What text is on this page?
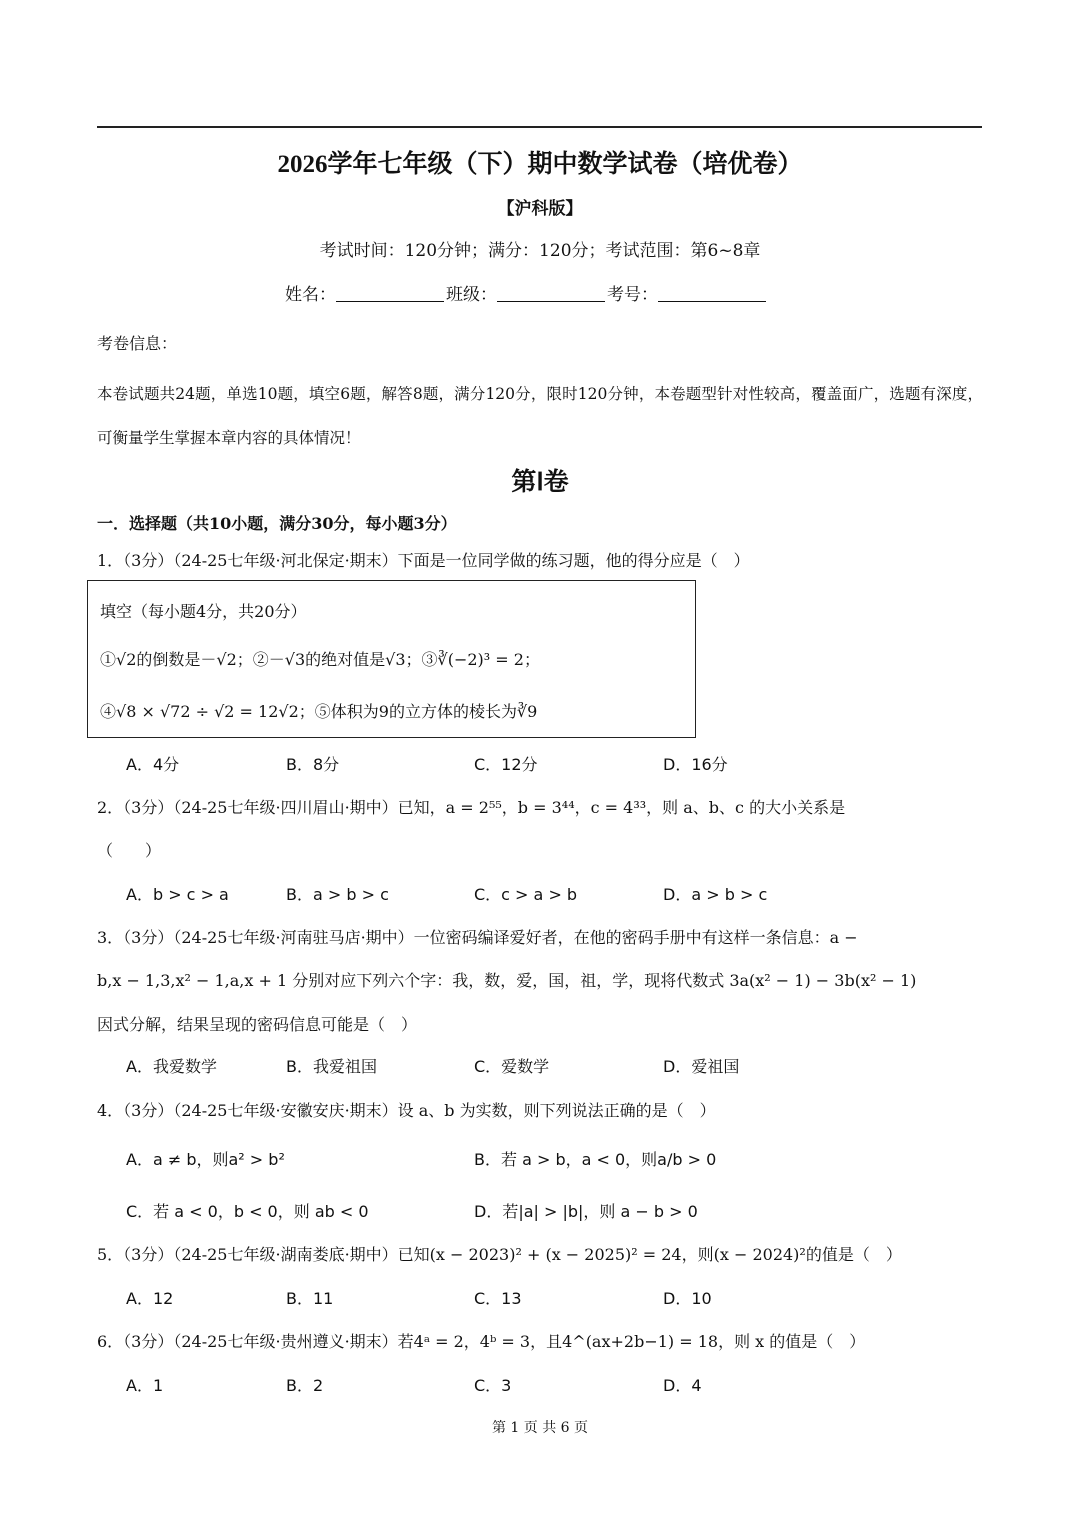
2026学年七年级（下）期中数学试卷（培优卷）
【沪科版】
考试时间：120分钟；满分：120分；考试范围：第6~8章
姓名：	班级：	考号：
考卷信息：
本卷试题共24题，单选10题，填空6题，解答8题，满分120分，限时120分钟，本卷题型针对性较高，覆盖面广，选题有深度，可衡量学生掌握本章内容的具体情况！
第Ⅰ卷
一．选择题（共10小题，满分30分，每小题3分）
1．（3分）（24-25七年级·河北保定·期末）下面是一位同学做的练习题，他的得分应是（　）
填空（每小题4分，共20分）
①√2的倒数是－√2；②－√3的绝对值是√3；③∛(−2)³ = 2；
④√8 × √72 ÷ √2 = 12√2；⑤体积为9的立方体的棱长为∛9
A．4分	B．8分	C．12分	D．16分
2．（3分）（24-25七年级·四川眉山·期中）已知，a = 2⁵⁵，b = 3⁴⁴，c = 4³³，则 a、b、c 的大小关系是
（　　）
A．b > c > a	B．a > b > c	C．c > a > b	D．a > b > c
3．（3分）（24-25七年级·河南驻马店·期中）一位密码编译爱好者，在他的密码手册中有这样一条信息：a −
b,x − 1,3,x² − 1,a,x + 1 分别对应下列六个字：我，数，爱，国，祖，学，现将代数式 3a(x² − 1) − 3b(x² − 1)
因式分解，结果呈现的密码信息可能是（　）
A．我爱数学	B．我爱祖国	C．爱数学	D．爱祖国
4．（3分）（24-25七年级·安徽安庆·期末）设 a、b 为实数，则下列说法正确的是（　）
A．a ≠ b，则a² > b²	B．若 a > b，a < 0，则a/b > 0
C．若 a < 0，b < 0，则 ab < 0	D．若|a| > |b|，则 a − b > 0
5．（3分）（24-25七年级·湖南娄底·期中）已知(x − 2023)² + (x − 2025)² = 24，则(x − 2024)²的值是（　）
A．12	B．11	C．13	D．10
6．（3分）（24-25七年级·贵州遵义·期末）若4ᵃ = 2，4ᵇ = 3，且4^(ax+2b−1) = 18，则 x 的值是（　）
A．1	B．2	C．3	D．4
第 1 页 共 6 页
